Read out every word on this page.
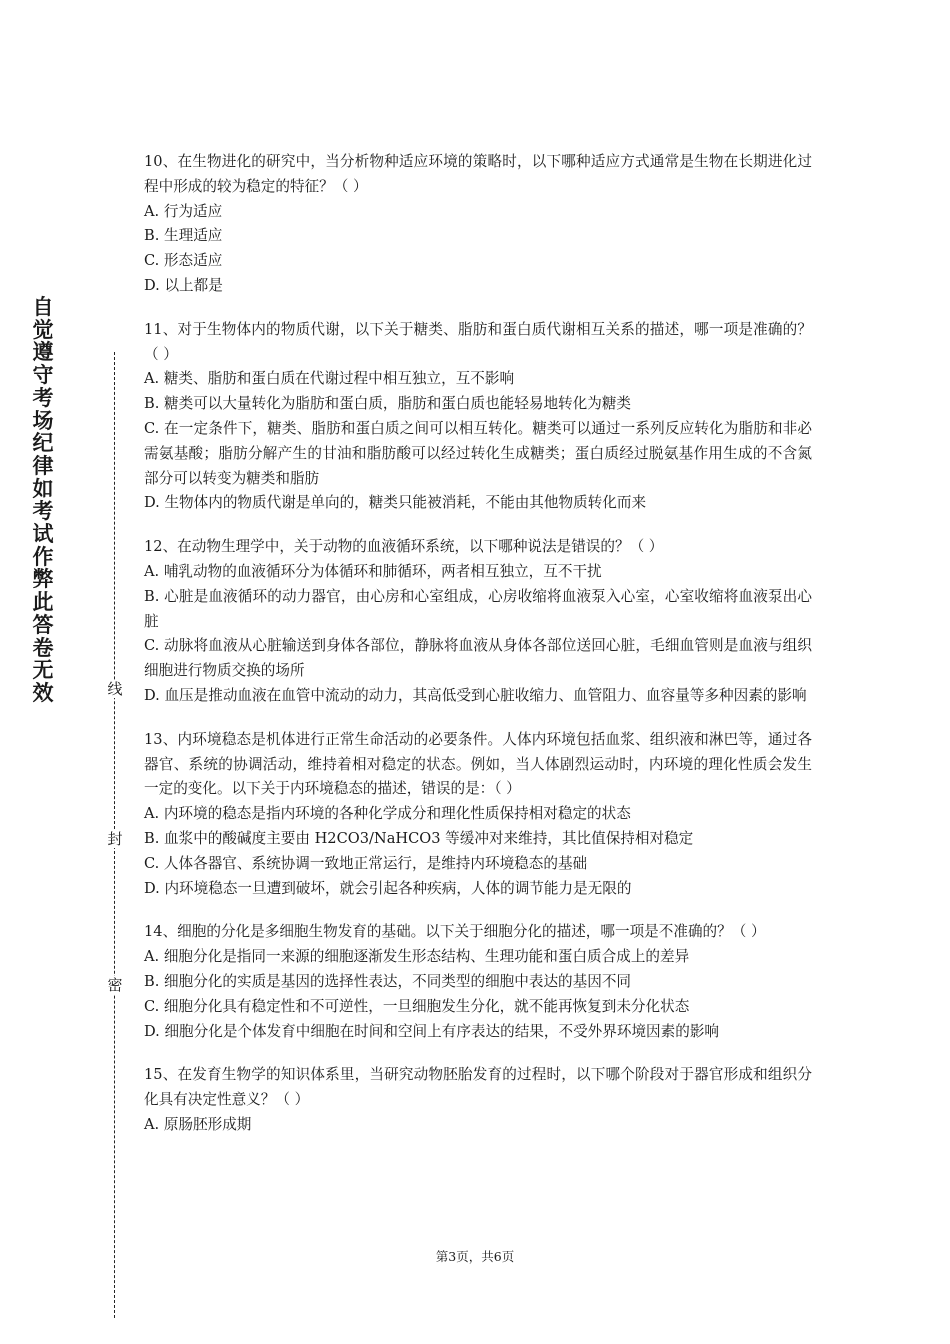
自
觉
遵
守
考
场
纪
律
如
考
试
作
弊
此
答
卷
无
效	线
封
密

10、在生物进化的研究中，当分析物种适应环境的策略时，以下哪种适应方式通常是生物在长期进化过程中形成的较为稳定的特征？（ ）

A. 行为适应

B. 生理适应

C. 形态适应

D. 以上都是

11、对于生物体内的物质代谢，以下关于糖类、脂肪和蛋白质代谢相互关系的描述，哪一项是准确的？（ ）

A. 糖类、脂肪和蛋白质在代谢过程中相互独立，互不影响

B. 糖类可以大量转化为脂肪和蛋白质，脂肪和蛋白质也能轻易地转化为糖类

C. 在一定条件下，糖类、脂肪和蛋白质之间可以相互转化。糖类可以通过一系列反应转化为脂肪和非必需氨基酸；脂肪分解产生的甘油和脂肪酸可以经过转化生成糖类；蛋白质经过脱氨基作用生成的不含氮部分可以转变为糖类和脂肪

D. 生物体内的物质代谢是单向的，糖类只能被消耗，不能由其他物质转化而来

12、在动物生理学中，关于动物的血液循环系统，以下哪种说法是错误的？（ ）

A. 哺乳动物的血液循环分为体循环和肺循环，两者相互独立，互不干扰

B. 心脏是血液循环的动力器官，由心房和心室组成，心房收缩将血液泵入心室，心室收缩将血液泵出心脏

C. 动脉将血液从心脏输送到身体各部位，静脉将血液从身体各部位送回心脏，毛细血管则是血液与组织细胞进行物质交换的场所

D. 血压是推动血液在血管中流动的动力，其高低受到心脏收缩力、血管阻力、血容量等多种因素的影响

13、内环境稳态是机体进行正常生命活动的必要条件。人体内环境包括血浆、组织液和淋巴等，通过各器官、系统的协调活动，维持着相对稳定的状态。例如，当人体剧烈运动时，内环境的理化性质会发生一定的变化。以下关于内环境稳态的描述，错误的是：（ ）

A. 内环境的稳态是指内环境的各种化学成分和理化性质保持相对稳定的状态

B. 血浆中的酸碱度主要由 H2CO3/NaHCO3 等缓冲对来维持，其比值保持相对稳定

C. 人体各器官、系统协调一致地正常运行，是维持内环境稳态的基础

D. 内环境稳态一旦遭到破坏，就会引起各种疾病，人体的调节能力是无限的

14、细胞的分化是多细胞生物发育的基础。以下关于细胞分化的描述，哪一项是不准确的？（ ）

A. 细胞分化是指同一来源的细胞逐渐发生形态结构、生理功能和蛋白质合成上的差异

B. 细胞分化的实质是基因的选择性表达，不同类型的细胞中表达的基因不同

C. 细胞分化具有稳定性和不可逆性，一旦细胞发生分化，就不能再恢复到未分化状态

D. 细胞分化是个体发育中细胞在时间和空间上有序表达的结果，不受外界环境因素的影响

15、在发育生物学的知识体系里，当研究动物胚胎发育的过程时，以下哪个阶段对于器官形成和组织分化具有决定性意义？（ ）

A. 原肠胚形成期

第3页，共6页
